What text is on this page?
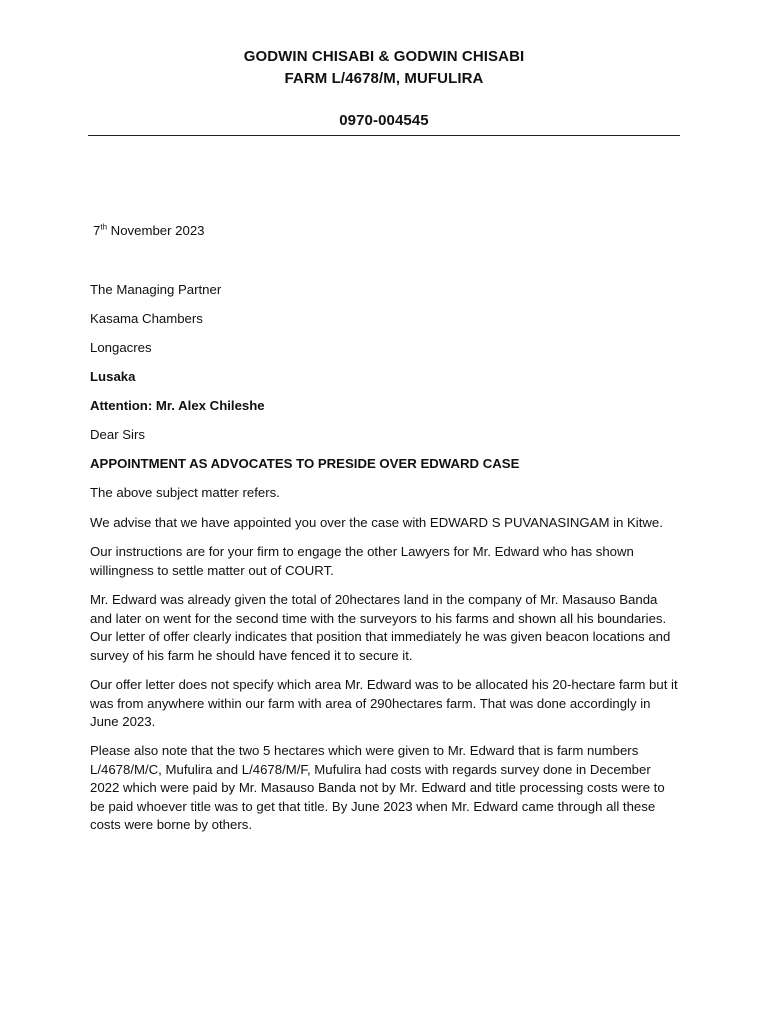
GODWIN CHISABI & GODWIN CHISABI
FARM L/4678/M, MUFULIRA
0970-004545
7th November 2023
The Managing Partner
Kasama Chambers
Longacres
Lusaka
Attention: Mr. Alex Chileshe
Dear Sirs
APPOINTMENT AS ADVOCATES TO PRESIDE OVER EDWARD CASE
The above subject matter refers.
We advise that we have appointed you over the case with EDWARD S PUVANASINGAM in Kitwe.
Our instructions are for your firm to engage the other Lawyers for Mr. Edward who has shown willingness to settle matter out of COURT.
Mr. Edward was already given the total of 20hectares land in the company of Mr. Masauso Banda and later on went for the second time with the surveyors to his farms and shown all his boundaries. Our letter of offer clearly indicates that position that immediately he was given beacon locations and survey of his farm he should have fenced it to secure it.
Our offer letter does not specify which area Mr. Edward was to be allocated his 20-hectare farm but it was from anywhere within our farm with area of 290hectares farm. That was done accordingly in June 2023.
Please also note that the two 5 hectares which were given to Mr. Edward that is farm numbers L/4678/M/C, Mufulira and L/4678/M/F, Mufulira had costs with regards survey done in December 2022 which were paid by Mr. Masauso Banda not by Mr. Edward and title processing costs were to be paid whoever title was to get that title. By June 2023 when Mr. Edward came through all these costs were borne by others.
